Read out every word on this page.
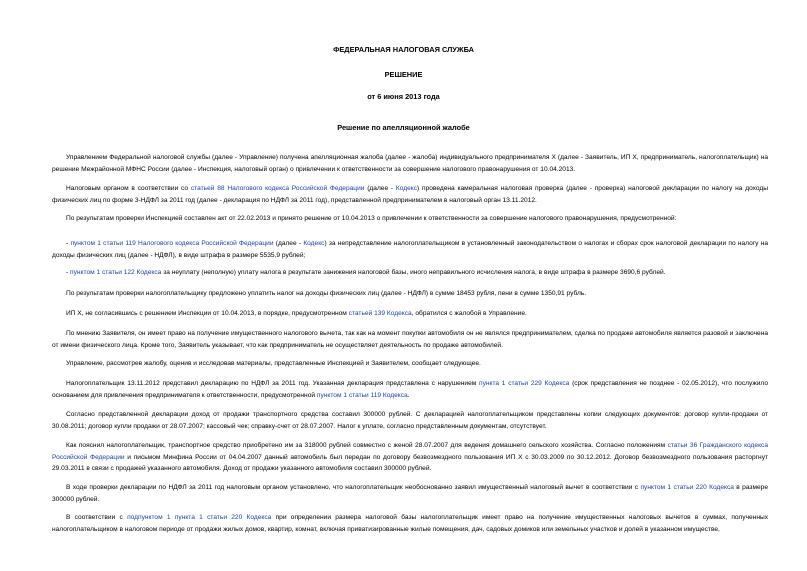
ФЕДЕРАЛЬНАЯ НАЛОГОВАЯ СЛУЖБА

РЕШЕНИЕ

от 6 июня 2013 года

Решение по апелляционной жалобе

Управлением Федеральной налоговой службы (далее - Управление) получена апелляционная жалоба (далее - жалоба) индивидуального предпринимателя X (далее - Заявитель, ИП X, предприниматель, налогоплательщик) на решение Межрайонной МФНС России (далее - Инспекция, налоговый орган) о привлечении к ответственности за совершение налогового правонарушения от 10.04.2013.

Налоговым органом в соответствии со статьей 88 Налогового кодекса Российской Федерации (далее - Кодекс) проведена камеральная налоговая проверка (далее - проверка) налоговой декларации по налогу на доходы физических лиц по форме 3-НДФЛ за 2011 год (далее - декларация по НДФЛ за 2011 год), представленной предпринимателем в налоговый орган 13.11.2012.

По результатам проверки Инспекцией составлен акт от 22.02.2013 и принято решение от 10.04.2013 о привлечении к ответственности за совершение налогового правонарушения, предусмотренной:

- пунктом 1 статьи 119 Налогового кодекса Российской Федерации (далее - Кодекс) за непредставление налогоплательщиком в установленный законодательством о налогах и сборах срок налоговой декларации по налогу на доходы физических лиц (далее - НДФЛ), в виде штрафа в размере 5535,9 рублей;

- пунктом 1 статьи 122 Кодекса за неуплату (неполную) уплату налога в результате занижения налоговой базы, иного неправильного исчисления налога, в виде штрафа в размере 3690,6 рублей.

По результатам проверки налогоплательщику предложено уплатить налог на доходы физических лиц (далее - НДФЛ) в сумме 18453 рубля, пени в сумме 1350,91 рубль.

ИП X, не согласившись с решением Инспекции от 10.04.2013, в порядке, предусмотренном статьей 139 Кодекса, обратился с жалобой в Управление.

По мнению Заявителя, он имеет право на получение имущественного налогового вычета, так как на момент покупки автомобиля он не являлся предпринимателем, сделка по продаже автомобиля является разовой и заключена от имени физического лица. Кроме того, Заявитель указывает, что как предприниматель не осуществляет деятельность по продаже автомобилей.

Управление, рассмотрев жалобу, оценив и исследовав материалы, представленные Инспекцией и Заявителем, сообщает следующее.

Налогоплательщик 13.11.2012 представил декларацию по НДФЛ за 2011 год. Указанная декларация представлена с нарушением пункта 1 статьи 229 Кодекса (срок представления не позднее - 02.05.2012), что послужило основанием для привлечения предпринимателя к ответственности, предусмотренной пунктом 1 статьи 119 Кодекса.

Согласно представленной декларации доход от продажи транспортного средства составил 300000 рублей. С декларацией налогоплательщиком представлены копии следующих документов: договор купли-продажи от 30.08.2011; договор купли продажи от 28.07.2007; кассовый чек; справку-счет от 28.07.2007. Налог к уплате, согласно представленным документам, отсутствует.

Как пояснил налогоплательщик, транспортное средство приобретено им за 318000 рублей совместно с женой 28.07.2007 для ведения домашнего сельского хозяйства. Согласно положениям статьи 36 Гражданского кодекса Российской Федерации и письмом Минфина России от 04.04.2007 данный автомобиль был передан по договору безвозмездного пользования ИП X с 30.03.2009 по 30.12.2012. Договор безвозмездного пользования расторгнут 29.03.2011 в связи с продажей указанного автомобиля. Доход от продажи указанного автомобиля составил 300000 рублей.

В ходе проверки декларации по НДФЛ за 2011 год налоговым органом установлено, что налогоплательщик необоснованно заявил имущественный налоговый вычет в соответствии с пунктом 1 статьи 220 Кодекса в размере 300000 рублей.

В соответствии с подпунктом 1 пункта 1 статьи 220 Кодекса при определении размера налоговой базы налогоплательщик имеет право на получение имущественных налоговых вычетов в суммах, полученных налогоплательщиком в налоговом периоде от продажи жилых домов, квартир, комнат, включая приватизированные жилые помещения, дач, садовых домиков или земельных участков и долей в указанном имуществе,
